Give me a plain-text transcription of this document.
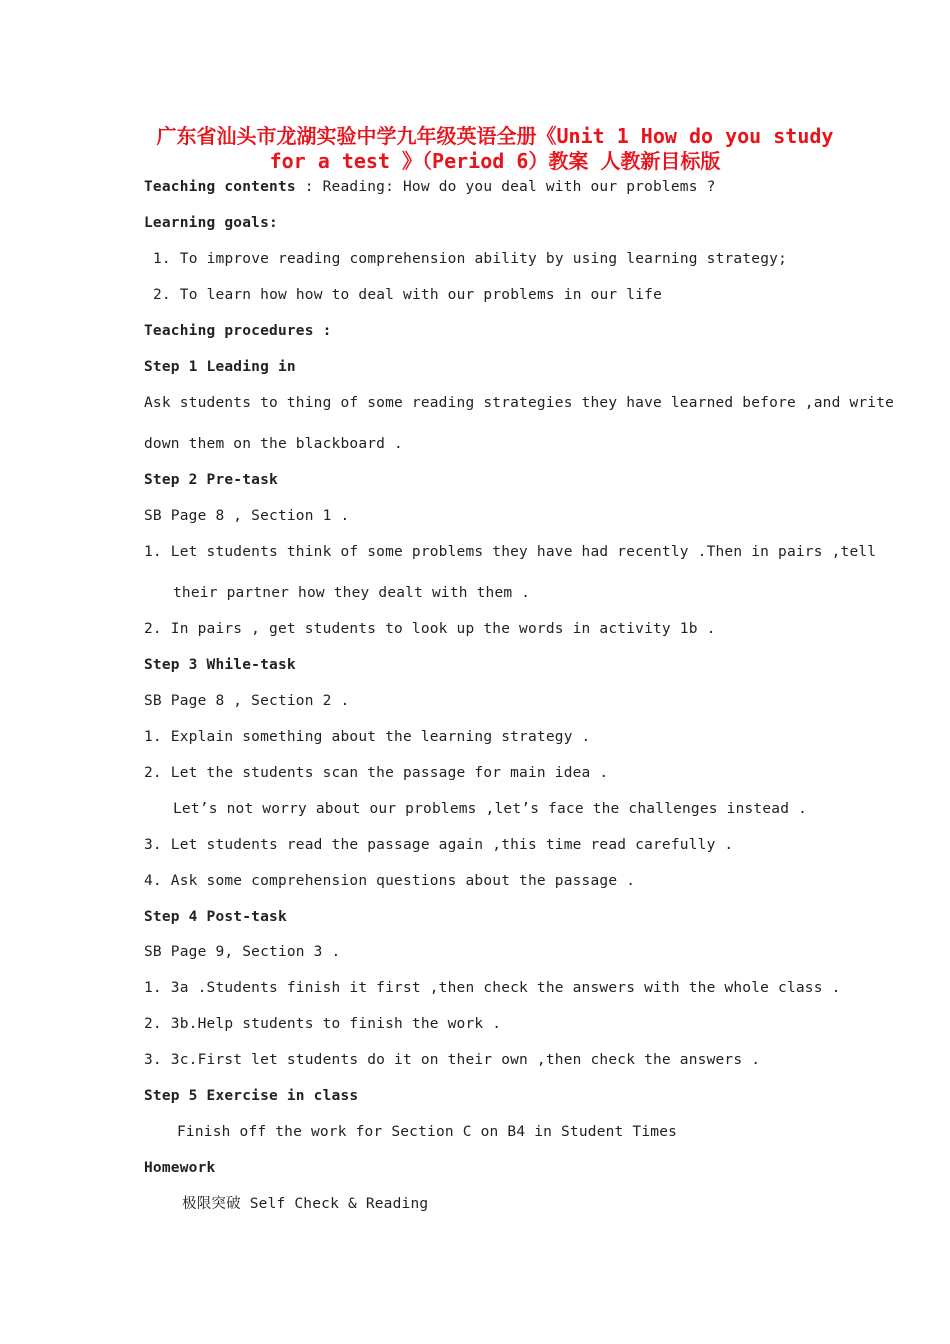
广东省汕头市龙湖实验中学九年级英语全册《Unit 1 How do you study for a test 》（Period 6）教案 人教新目标版
Teaching contents : Reading: How do you deal with our problems ?
Learning goals:
1. To improve reading comprehension ability by using learning strategy;
2. To learn how how to deal with our problems in our life
Teaching procedures :
Step 1 Leading in
Ask students to thing of some reading strategies they have learned before ,and write
down them on the blackboard .
Step 2 Pre-task
SB Page 8 , Section 1 .
1. Let students think of some problems they have had recently .Then in pairs ,tell
their partner how they dealt with them .
2. In pairs , get students to look up the words in activity 1b .
Step 3 While-task
SB Page 8 , Section 2 .
1. Explain something about the learning strategy .
2. Let the students scan the passage for main idea .
Let’s not worry about our problems ,let’s face the challenges instead .
3. Let students read the passage again ,this time read carefully .
4. Ask some comprehension questions about the passage .
Step 4 Post-task
SB Page 9, Section 3 .
1. 3a .Students finish it first ,then check the answers with the whole class .
2. 3b.Help students to finish the work .
3. 3c.First let students do it on their own ,then check the answers .
Step 5 Exercise in class
Finish off the work for Section C on B4 in Student Times
Homework
极限突破 Self Check & Reading
